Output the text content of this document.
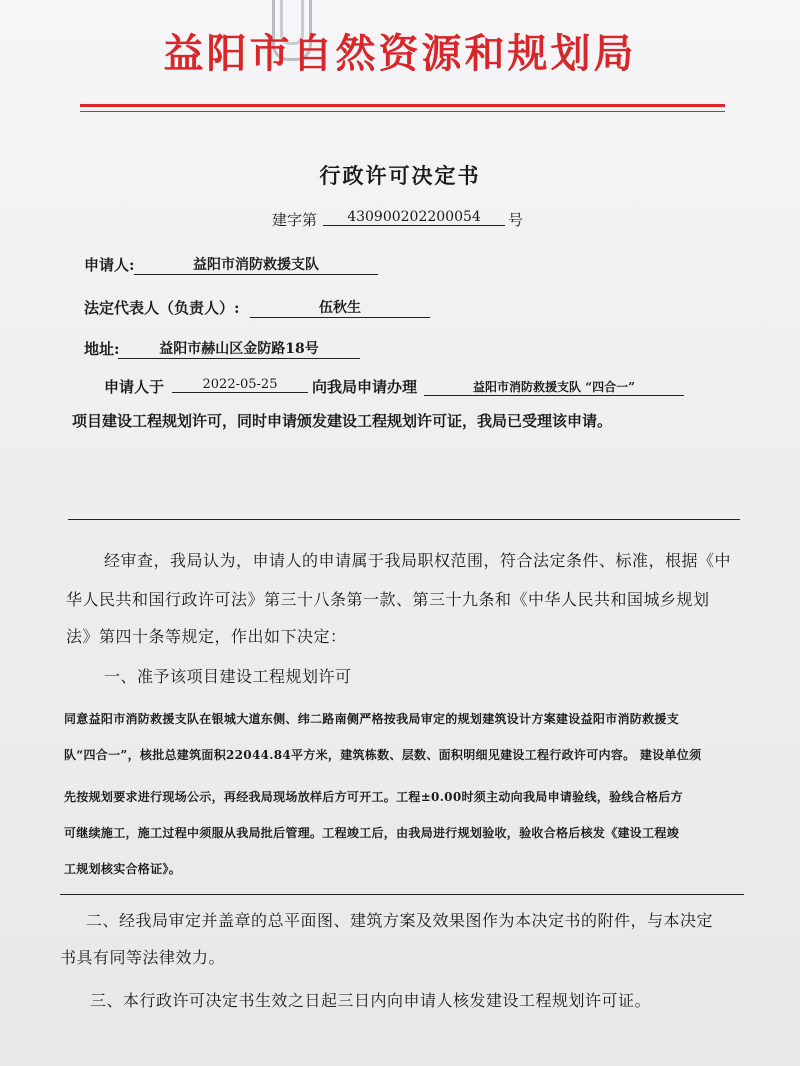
益阳市自然资源和规划局
行政许可决定书
建字第	430900202200054	号
申请人:	益阳市消防救援支队
法定代表人（负责人）:	伍秋生
地址:	益阳市赫山区金防路18号
申请人于	2022-05-25	向我局申请办理	益阳市消防救援支队 “四合一”
项目建设工程规划许可，同时申请颁发建设工程规划许可证，我局已受理该申请。
经审查，我局认为，申请人的申请属于我局职权范围，符合法定条件、标准，根据《中
华人民共和国行政许可法》第三十八条第一款、第三十九条和《中华人民共和国城乡规划
法》第四十条等规定，作出如下决定：
一、准予该项目建设工程规划许可
同意益阳市消防救援支队在银城大道东侧、纬二路南侧严格按我局审定的规划建筑设计方案建设益阳市消防救援支
队“四合一”，核批总建筑面积22044.84平方米，建筑栋数、层数、面积明细见建设工程行政许可内容。 建设单位须
先按规划要求进行现场公示，再经我局现场放样后方可开工。工程±0.00时须主动向我局申请验线，验线合格后方
可继续施工，施工过程中须服从我局批后管理。工程竣工后，由我局进行规划验收，验收合格后核发《建设工程竣
工规划核实合格证》。
二、经我局审定并盖章的总平面图、建筑方案及效果图作为本决定书的附件，与本决定
书具有同等法律效力。
三、本行政许可决定书生效之日起三日内向申请人核发建设工程规划许可证。
